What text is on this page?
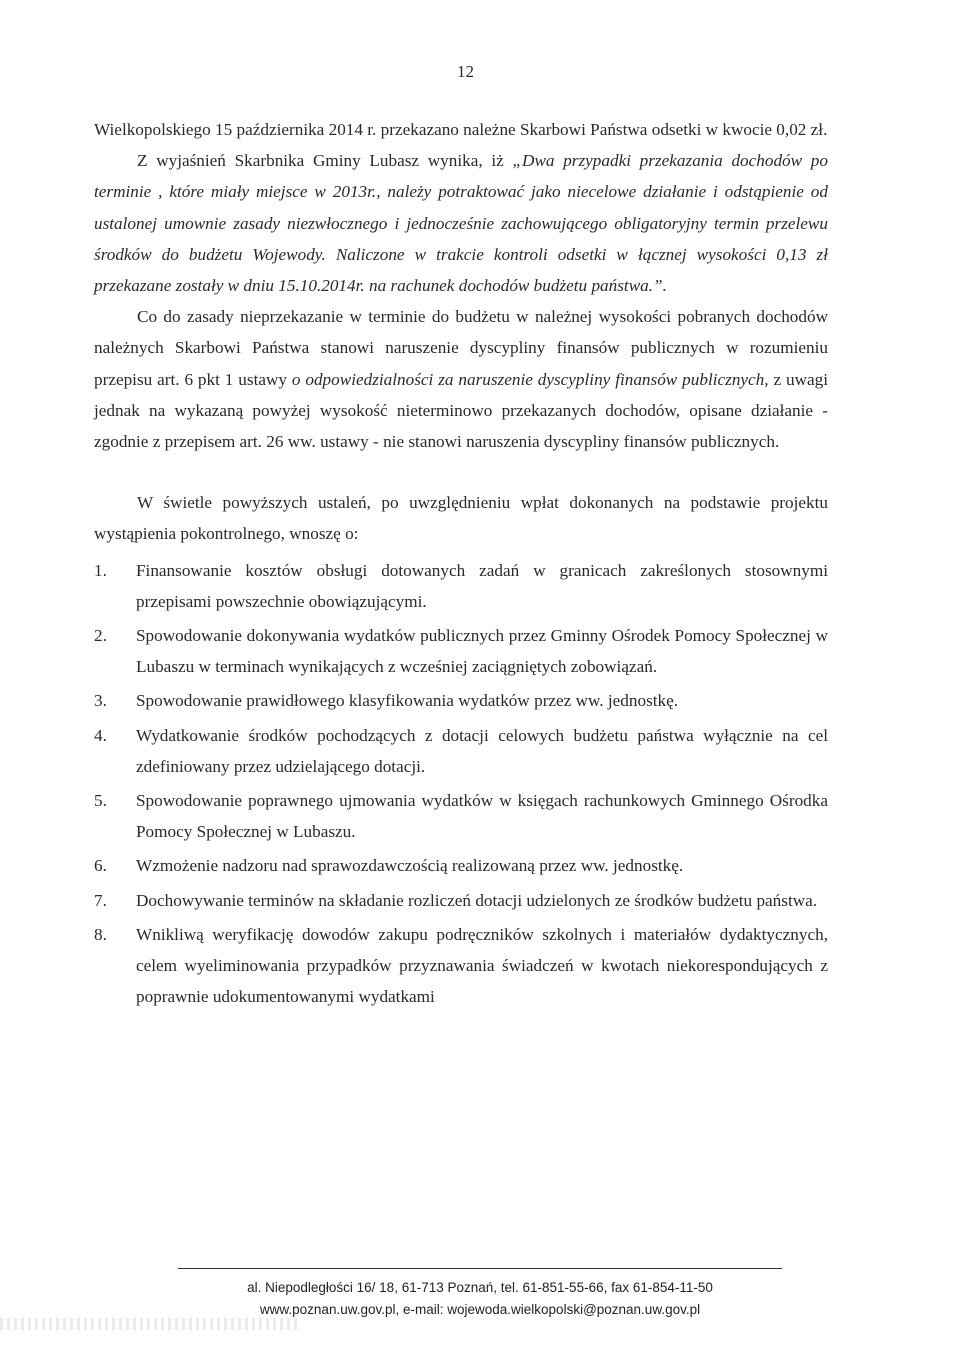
12

Wielkopolskiego 15 października 2014 r. przekazano należne Skarbowi Państwa odsetki w kwocie 0,02 zł.

Z wyjaśnień Skarbnika Gminy Lubasz wynika, iż „Dwa przypadki przekazania dochodów po terminie , które miały miejsce w 2013r., należy potraktować jako niecelowe działanie i odstąpienie od ustalonej umownie zasady niezwłocznego i jednocześnie zachowującego obligatoryjny termin przelewu środków do budżetu Wojewody. Naliczone w trakcie kontroli odsetki w łącznej wysokości 0,13 zł przekazane zostały w dniu 15.10.2014r. na rachunek dochodów budżetu państwa.”.

Co do zasady nieprzekazanie w terminie do budżetu w należnej wysokości pobranych dochodów należnych Skarbowi Państwa stanowi naruszenie dyscypliny finansów publicznych w rozumieniu przepisu art. 6 pkt 1 ustawy o odpowiedzialności za naruszenie dyscypliny finansów publicznych, z uwagi jednak na wykazaną powyżej wysokość nieterminowo przekazanych dochodów, opisane działanie - zgodnie z przepisem art. 26 ww. ustawy - nie stanowi naruszenia dyscypliny finansów publicznych.

W świetle powyższych ustaleń, po uwzględnieniu wpłat dokonanych na podstawie projektu wystąpienia pokontrolnego, wnoszę o:

1. Finansowanie kosztów obsługi dotowanych zadań w granicach zakreślonych stosownymi przepisami powszechnie obowiązującymi.
2. Spowodowanie dokonywania wydatków publicznych przez Gminny Ośrodek Pomocy Społecznej w Lubaszu w terminach wynikających z wcześniej zaciągniętych zobowiązań.
3. Spowodowanie prawidłowego klasyfikowania wydatków przez ww. jednostkę.
4. Wydatkowanie środków pochodzących z dotacji celowych budżetu państwa wyłącznie na cel zdefiniowany przez udzielającego dotacji.
5. Spowodowanie poprawnego ujmowania wydatków w księgach rachunkowych Gminnego Ośrodka Pomocy Społecznej w Lubaszu.
6. Wzmożenie nadzoru nad sprawozdawczością realizowaną przez ww. jednostkę.
7. Dochowywanie terminów na składanie rozliczeń dotacji udzielonych ze środków budżetu państwa.
8. Wnikliwą weryfikację dowodów zakupu podręczników szkolnych i materiałów dydaktycznych, celem wyeliminowania przypadków przyznawania świadczeń w kwotach niekorespondujących z poprawnie udokumentowanymi wydatkami
al. Niepodległości 16/ 18, 61-713 Poznań, tel. 61-851-55-66, fax 61-854-11-50
www.poznan.uw.gov.pl, e-mail: wojewoda.wielkopolski@poznan.uw.gov.pl
